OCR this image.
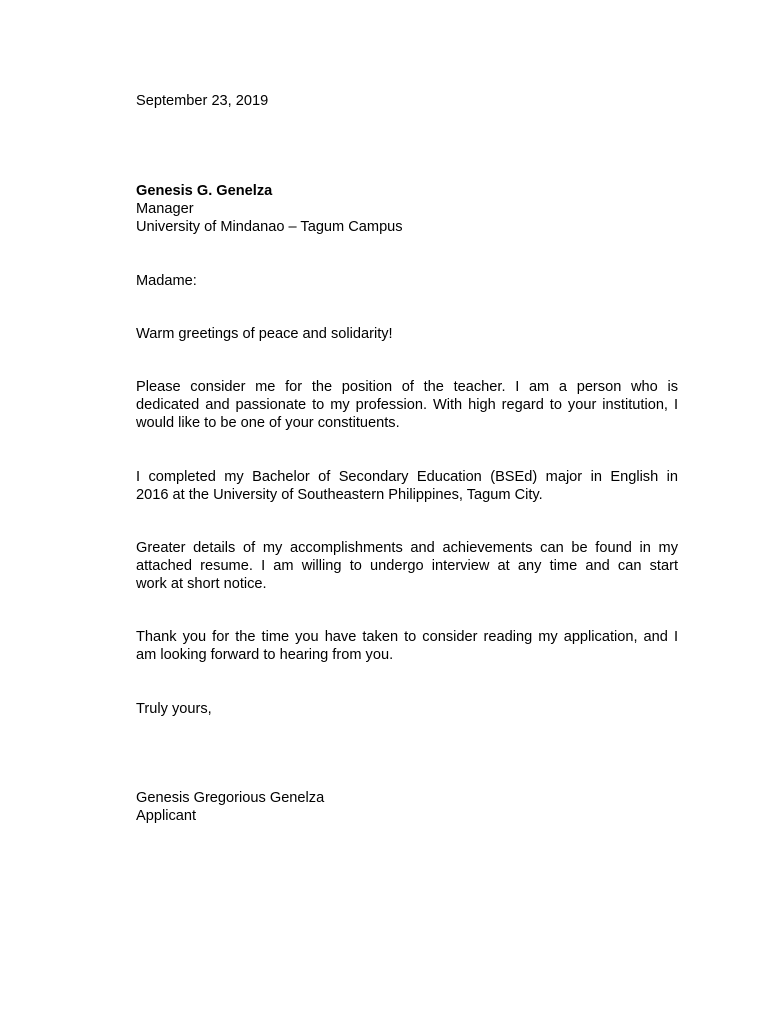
September 23, 2019
Genesis G. Genelza
Manager
University of Mindanao – Tagum Campus
Madame:
Warm greetings of peace and solidarity!
Please consider me for the position of the teacher. I am a person who is
dedicated and passionate to my profession. With high regard to your institution, I
would like to be one of your constituents.
I completed my Bachelor of Secondary Education (BSEd) major in English in
2016 at the University of Southeastern Philippines, Tagum City.
Greater details of my accomplishments and achievements can be found in my
attached resume. I am willing to undergo interview at any time and can start
work at short notice.
Thank you for the time you have taken to consider reading my application, and I
am looking forward to hearing from you.
Truly yours,
Genesis Gregorious Genelza
Applicant
